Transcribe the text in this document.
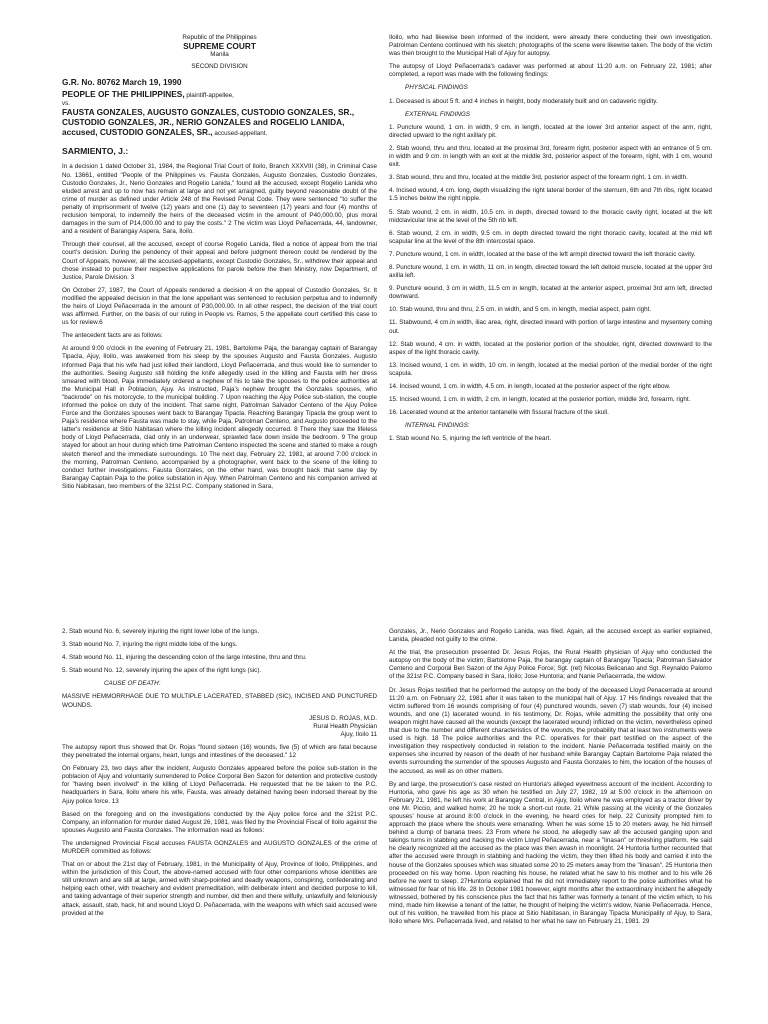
Republic of the Philippines
SUPREME COURT
Manila
SECOND DIVISION
G.R. No. 80762 March 19, 1990
PEOPLE OF THE PHILIPPINES, plaintiff-appellee,
vs.
FAUSTA GONZALES, AUGUSTO GONZALES, CUSTODIO GONZALES, SR., CUSTODIO GONZALES, JR., NERIO GONZALES and ROGELIO LANIDA, accused, CUSTODIO GONZALES, SR., accused-appellant.
SARMIENTO, J.:

In a decision 1 dated October 31, 1984, the Regional Trial Court of Iloilo, Branch XXXVIII (38), in Criminal Case No. 13661, entitled "People of the Philippines vs. Fausta Gonzales, Augusto Gonzales, Custodio Gonzales, Custodio Gonzales, Jr., Nerio Gonzales and Rogelio Lanida," found all the accused, except Rogelio Lanida who eluded arrest and up to now has remain at large and not yet arraigned, guilty beyond reasonable doubt of the crime of murder as defined under Article 248 of the Revised Penal Code. They were sentenced "to suffer the penalty of imprisonment of twelve (12) years and one (1) day to seventeen (17) years and four (4) months of reclusion temporal, to indemnify the heirs of the deceased victim in the amount of P40,000.00, plus moral damages in the sum of P14,000.00 and to pay the costs." 2 The victim was Lloyd Peñacerrada, 44, landowner, and a resident of Barangay Aspera, Sara, Iloilo.

Through their counsel, all the accused, except of course Rogelio Lanida, filed a notice of appeal from the trial court's decision. During the pendency of their appeal and before judgment thereon could be rendered by the Court of Appeals, however, all the accused-appellants, except Custodio Gonzales, Sr., withdrew their appeal and chose instead to pursue their respective applications for parole before the then Ministry, now Department, of Justice, Parole Division. 3

On October 27, 1987, the Court of Appeals rendered a decision 4 on the appeal of Custodio Gonzales, Sr. It modified the appealed decision in that the lone appellant was sentenced to reclusion perpetua and to indemnify the heirs of Lloyd Peñacerrada in the amount of P30,000.00. In all other respect, the decision of the trial court was affirmed. Further, on the basis of our ruling in People vs. Ramos, 5 the appellate court certified this case to us for review.6

The antecedent facts are as follows:

At around 9:00 o'clock in the evening of February 21, 1981, Bartolome Paja, the barangay captain of Barangay Tipacla, Ajuy, Iloilo, was awakened from his sleep by the spouses Augusto and Fausta Gonzales. Augusto informed Paja that his wife had just killed their landlord, Lloyd Peñacerrada, and thus would like to surrender to the authorities. Seeing Augusto still holding the knife allegedly used in the killing and Fausta with her dress smeared with blood, Paja immediately ordered a nephew of his to take the spouses to the police authorities at the Municipal Hall in Poblacion, Ajuy. As instructed, Paja's nephew brought the Gonzales spouses, who "backrode" on his motorcycle, to the municipal building. 7 Upon reaching the Ajuy Police sub-station, the couple informed the police on duty of the incident. That same night, Patrolman Salvador Centeno of the Ajuy Police Force and the Gonzales spouses went back to Barangay Tipacla. Reaching Barangay Tipacla the group went to Paja's residence where Fausta was made to stay, while Paja, Patrolman Centeno, and Augusto proceeded to the latter's residence at Sitio Nabitasan where the killing incident allegedly occurred. 8 There they saw the lifeless body of Lloyd Peñacerrada, clad only in an underwear, sprawled face down inside the bedroom. 9 The group stayed for about an hour during which time Patrolman Centeno inspected the scene and started to make a rough sketch thereof and the immediate surroundings. 10 The next day, February 22, 1981, at around 7:00 o'clock in the morning, Patrolman Centeno, accompanied by a photographer, went back to the scene of the killing to conduct further investigations. Fausta Gonzales, on the other hand, was brought back that same day by Barangay Captain Paja to the police substation in Ajuy. When Patrolman Centeno and his companion arrived at Sitio Nabitasan, two members of the 321st P.C. Company stationed in Sara,

Iloilo, who had likewise been informed of the incident, were already there conducting their own investigation. Patrolman Centeno continued with his sketch; photographs of the scene were likewise taken. The body of the victim was then brought to the Municipal Hall of Ajuy for autopsy.

The autopsy of Lloyd Peñacerrada's cadaver was performed at about 11:20 a.m. on February 22, 1981; after completed, a report was made with the following findings:

PHYSICAL FINDINGS

1. Deceased is about 5 ft. and 4 inches in height, body moderately built and on cadaveric rigidity.

EXTERNAL FINDINGS

1. Puncture wound, 1 cm. in width, 9 cm. in length, located at the lower 3rd anterior aspect of the arm, right, directed upward to the right axillary pit.

2. Stab wound, thru and thru, located at the proximal 3rd, forearm right, posterior aspect with an entrance of 5 cm. in width and 9 cm. in length with an exit at the middle 3rd, posterior aspect of the forearm, right, with 1 cm. wound exit.

3. Stab wound, thru and thru, located at the middle 3rd, posterior aspect of the forearm right, 1 cm. in width.

4. Incised wound, 4 cm. long, depth visualizing the right lateral border of the sternum, 6th and 7th ribs, right located 1.5 inches below the right nipple.

5. Stab wound, 2 cm. in width, 10.5 cm. in depth, directed toward to the thoracic cavity right, located at the left midclavicular line at the level of the 5th rib left.

6. Stab wound, 2 cm. in width, 9.5 cm. in depth directed toward the right thoracic cavity, located at the mid left scapular line at the level of the 8th intercostal space.

7. Puncture wound, 1 cm. in width, located at the base of the left armpit directed toward the left thoracic cavity.

8. Puncture wound, 1 cm. in width, 11 cm. in length, directed toward the left deltoid muscle, located at the upper 3rd axilla left.

9. Puncture wound, 3 cm in width, 11.5 cm in length, located at the anterior aspect, proximal 3rd arm left, directed downward.

10. Stab wound, thru and thru, 2.5 cm. in width, and 5 cm. in length, medial aspect, palm right.

11. Stabwound, 4 cm.in width, iliac area, right, directed inward with portion of large intestine and mysentery coming out.

12. Stab wound, 4 cm. in width, located at the posterior portion of the shoulder, right, directed downward to the aspex of the light thoracic cavity.

13. Incised wound, 1 cm. in width, 10 cm. in length, located at the medial portion of the medial border of the right scapula.

14. Incised wound, 1 cm. in width, 4.5 cm. in length, located at the posterior aspect of the right elbow.

15. Incised wound, 1 cm. in width, 2 cm. in length, located at the posterior portion, middle 3rd, forearm, right.

16. Lacerated wound at the anterior tantanelle with fissural fracture of the skull.

INTERNAL FINDINGS:

1. Stab wound No. 5, injuring the left ventricle of the heart.

2. Stab wound No. 6, severely injuring the right lower lobe of the lungs.

3. Stab wound No. 7, injuring the right middle lobe of the lungs.

4. Stab wound No. 11, injuring the descending colon of the large intestine, thru and thru.

5. Stab wound No. 12, severely injuring the apex of the right lungs (sic).

CAUSE OF DEATH:

MASSIVE HEMMORRHAGE DUE TO MULTIPLE LACERATED, STABBED (SIC), INCISED AND PUNCTURED WOUNDS.

JESUS D. ROJAS, M.D.
Rural Health Physician
Ajuy, Iloilo 11

The autopsy report thus showed that Dr. Rojas "found sixteen (16) wounds, five (5) of which are fatal because they penetrated the internal organs, heart, lungs and intestines of the deceased." 12

On February 23, two days after the incident, Augusto Gonzales appeared before the police sub-station in the poblacion of Ajuy and voluntarily surrendered to Police Corporal Ben Sazon for detention and protective custody for "having been involved" in the killing of Lloyd Peñacerrada. He requested that he be taken to the P.C. headquarters in Sara, Iloilo where his wife, Fausta, was already detained having been indorsed thereat by the Ajuy police force. 13

Based on the foregoing and on the investigations conducted by the Ajuy police force and the 321st P.C. Company, an information for murder dated August 26, 1981, was filed by the Provincial Fiscal of Iloilo against the spouses Augusto and Fausta Gonzales. The information read as follows:

The undersigned Provincial Fiscal accuses FAUSTA GONZALES and AUGUSTO GONZALES of the crime of MURDER committed as follows:

That on or about the 21st day of February, 1981, in the Municipality of Ajuy, Province of Iloilo, Philippines, and within the jurisdiction of this Court, the above-named accused with four other companions whose identities are still unknown and are still at large, armed with sharp-pointed and deadly weapons, conspiring, confederating and helping each other, with treachery and evident premeditation, with deliberate intent and decided purpose to kill, and taking advantage of their superior strength and number, did then and there wilfully, unlawfully and feloniously attack, assault, stab, hack, hit and wound Lloyd D. Peñacerrada, with the weapons with which said accused were provided at the

Gonzales, Jr., Nerio Gonzales and Rogelio Lanida, was filed. Again, all the accused except as earlier explained, Lanida, pleaded not guilty to the crime.

At the trial, the prosecution presented Dr. Jesus Rojas, the Rural Health physician of Ajuy who conducted the autopsy on the body of the victim; Bartolome Paja, the barangay captain of Barangay Tipacla; Patrolman Salvador Centeno and Corporal Ben Sazon of the Ajuy Police Force; Sgt. (ret) Nicolas Belicanao and Sgt. Reynaldo Palomo of the 321st P.C. Company based in Sara, Iloilo; Jose Huntoria; and Nanie Peñacerrada, the widow.

Dr. Jesus Rojas testified that he performed the autopsy on the body of the deceased Lloyd Penacerrada at around 11:20 a.m. on February 22, 1981 after it was taken to the municipal hall of Ajuy. 17 His findings revealed that the victim suffered from 16 wounds comprising of four (4) punctured wounds, seven (7) stab wounds, four (4) incised wounds, and one (1) lacerated wound. In his testimony, Dr. Rojas, while admitting the possibility that only one weapon might have caused all the wounds (except the lacerated wound) inflicted on the victim, nevertheless opined that due to the number and different characteristics of the wounds, the probability that at least two instruments were used is high. 18 The police authorities and the P.C. operatives for their part testified on the aspect of the investigation they respectively conducted in relation to the incident. Nanie Peñacerrada testified mainly on the expenses she incurred by reason of the death of her husband while Barangay Captain Bartolome Paja related the events surrounding the surrender of the spouses Augusto and Fausta Gonzales to him, the location of the houses of the accused, as well as on other matters.

By and large, the prosecution's case rested on Huntoria's alleged eyewitness account of the incident. According to Huntoria, who gave his age as 30 when he testified on July 27, 1982, 19 at 5:00 o'clock in the afternoon on February 21, 1981, he left his work at Barangay Central, in Ajuy, Iloilo where he was employed as a tractor driver by one Mr. Piccio, and walked home; 20 he took a short-cut route. 21 While passing at the vicinity of the Gonzales spouses' house at around 8:00 o'clock in the evening, he heard cries for help. 22 Curiosity prompted him to approach the place where the shouts were emanating. When he was some 15 to 20 meters away, he hid himself behind a clump of banana trees. 23 From where he stood, he allegedly saw all the accused ganging upon and takings turns in stabbing and hacking the victim Lloyd Peñacerrada, near a "linasan" or threshing platform. He said he clearly recognized all the accused as the place was then awash in moonlight. 24 Huntoria further recounted that after the accused were through in stabbing and hacking the victim, they then lifted his body and carried it into the house of the Gonzales spouses which was situated some 20 to 25 meters away from the "linasan". 25 Huntoria then proceeded on his way home. Upon reaching his house, he related what he saw to his mother and to his wife 26 before he went to sleep. 27Huntoria explained that he did not immediately report to the police authorities what he witnessed for fear of his life. 28 In October 1981 however, eight months after the extraordinary incident he allegedly witnessed, bothered by his conscience plus the fact that his father was formerly a tenant of the victim which, to his mind, made him likewise a tenant of the latter, he thought of helping the victim's widow, Nanie Peñacerrada. Hence, out of his volition, he travelled from his place at Sitio Nabitasan, in Barangay Tipacla Municipality of Ajuy, to Sara, Iloilo where Mrs. Peñacerrada lived, and related to her what he saw on February 21, 1981. 29
